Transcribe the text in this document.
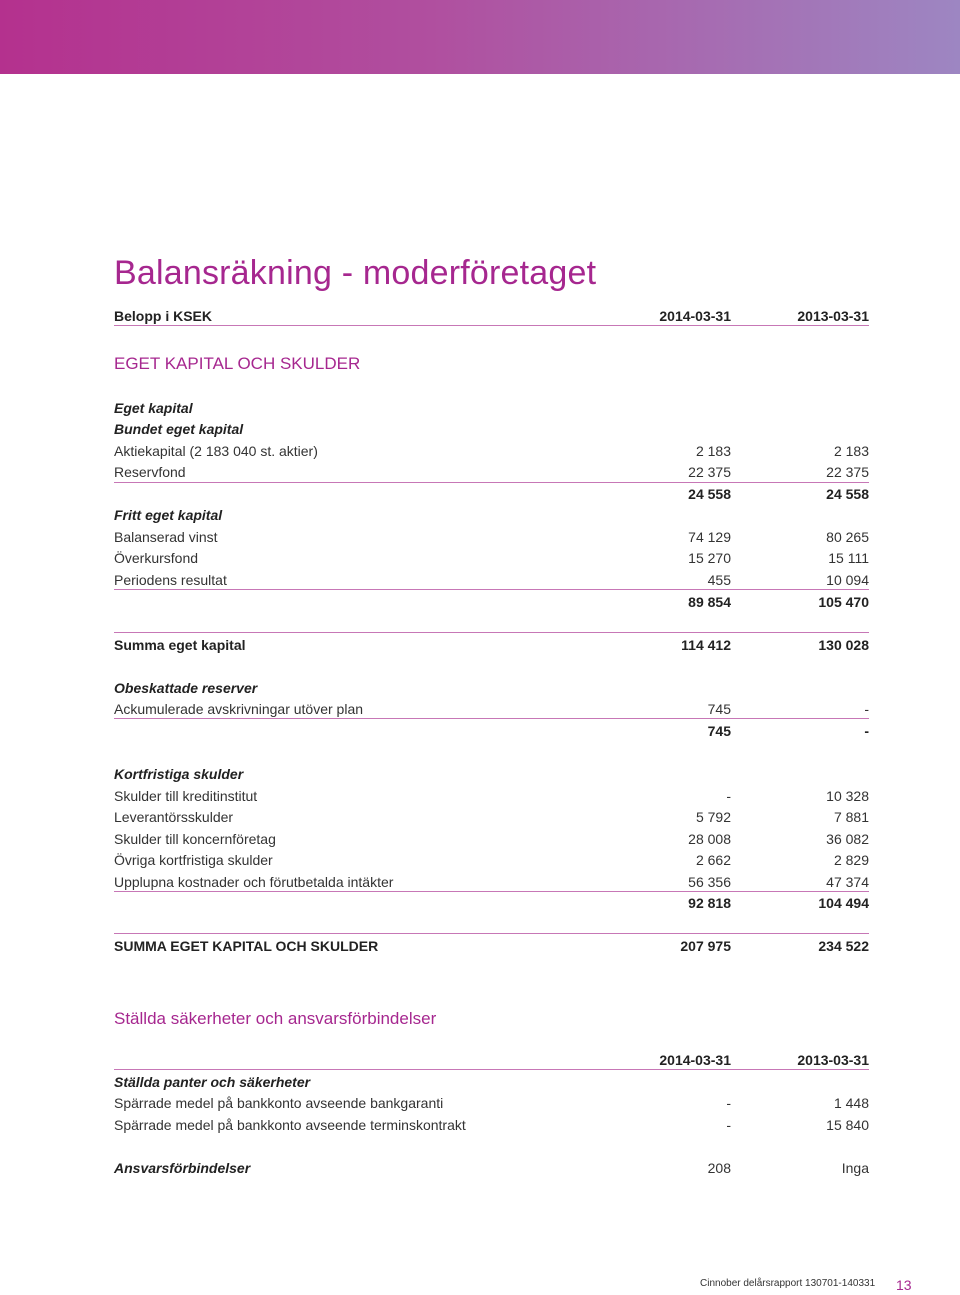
Balansräkning - moderföretaget
Belopp i KSEK	2014-03-31	2013-03-31
EGET KAPITAL OCH SKULDER
Eget kapital
Bundet eget kapital
Aktiekapital (2 183 040 st. aktier)	2 183	2 183
Reservfond	22 375	22 375
24 558	24 558
Fritt eget kapital
Balanserad vinst	74 129	80 265
Överkursfond	15 270	15 111
Periodens resultat	455	10 094
89 854	105 470
Summa eget kapital	114 412	130 028
Obeskattade reserver
Ackumulerade avskrivningar utöver plan	745	-
745	-
Kortfristiga skulder
Skulder till kreditinstitut	-	10 328
Leverantörsskulder	5 792	7 881
Skulder till koncernföretag	28 008	36 082
Övriga kortfristiga skulder	2 662	2 829
Upplupna kostnader och förutbetalda intäkter	56 356	47 374
92 818	104 494
SUMMA EGET KAPITAL OCH SKULDER	207 975	234 522
Ställda säkerheter och ansvarsförbindelser
2014-03-31	2013-03-31
Ställda panter och säkerheter
Spärrade medel på bankkonto avseende bankgaranti	-	1 448
Spärrade medel på bankkonto avseende terminskontrakt	-	15 840
Ansvarsförbindelser	208	Inga
Cinnober delårsrapport 130701-140331 13
